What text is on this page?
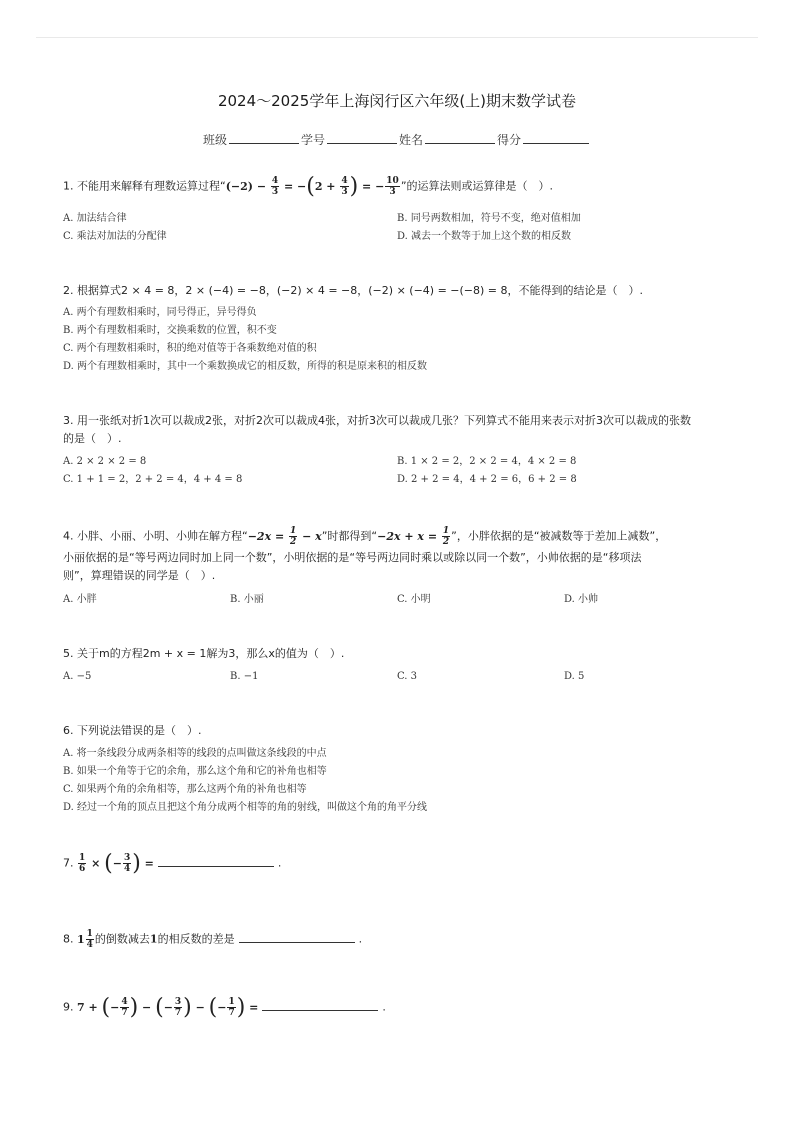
2024～2025学年上海闵行区六年级(上)期末数学试卷
班级	学号	姓名	得分
1. 不能用来解释有理数运算过程“$(-2) - \frac{4}{3} = -(2 + \frac{4}{3}$ ) = − $\frac{10}{3}$ ”的运算法则或运算律是（　）.
A. 加法结合律	B. 同号两数相加，符号不变，绝对值相加
C. 乘法对加法的分配律	D. 减去一个数等于加上这个数的相反数
2. 根据算式2 × 4 = 8，2 × (−4) = −8，(−2) × 4 = −8，(−2) × (−4) = −(−8) = 8，不能得到的结论是（　）.
A. 两个有理数相乘时，同号得正，异号得负
B. 两个有理数相乘时，交换乘数的位置，积不变
C. 两个有理数相乘时，积的绝对值等于各乘数绝对值的积
D. 两个有理数相乘时，其中一个乘数换成它的相反数，所得的积是原来积的相反数
3. 用一张纸对折1次可以裁成2张，对折2次可以裁成4张，对折3次可以裁成几张？下列算式不能用来表示对折3次可以裁成的张数
的是（　）.
A. 2 × 2 × 2 = 8	B. 1 × 2 = 2，2 × 2 = 4，4 × 2 = 8
C. 1 + 1 = 2，2 + 2 = 4，4 + 4 = 8	D. 2 + 2 = 4，4 + 2 = 6，6 + 2 = 8
4. 小胖、小丽、小明、小帅在解方程“$-2x = \frac{1}{2} - x$”时都得到“$-2x + x = \frac{1}{2}$ ”，小胖依据的是“被减数等于差加上减数”，
小丽依据的是“等号两边同时加上同一个数”，小明依据的是“等号两边同时乘以或除以同一个数”，小帅依据的是“移项法
则”，算理错误的同学是（　）.
A. 小胖	B. 小丽	C. 小明	D. 小帅
5. 关于m的方程2m + x = 1解为3，那么x的值为（　）.
A. −5	B. −1	C. 3	D. 5
6. 下列说法错误的是（　）.
A. 将一条线段分成两条相等的线段的点叫做这条线段的中点
B. 如果一个角等于它的余角，那么这个角和它的补角也相等
C. 如果两个角的余角相等，那么这两个角的补角也相等
D. 经过一个角的顶点且把这个角分成两个相等的角的射线，叫做这个角的角平分线
7. $\frac{1}{6}$ × (− $\frac{3}{4}$ ) =	.
8. $1 \frac{1}{4}$ 的倒数减去1的相反数的差是	.
9. 7 + (− $\frac{4}{7}$ ) − (− $\frac{3}{7}$ ) − (− $\frac{1}{7}$ ) =	.
